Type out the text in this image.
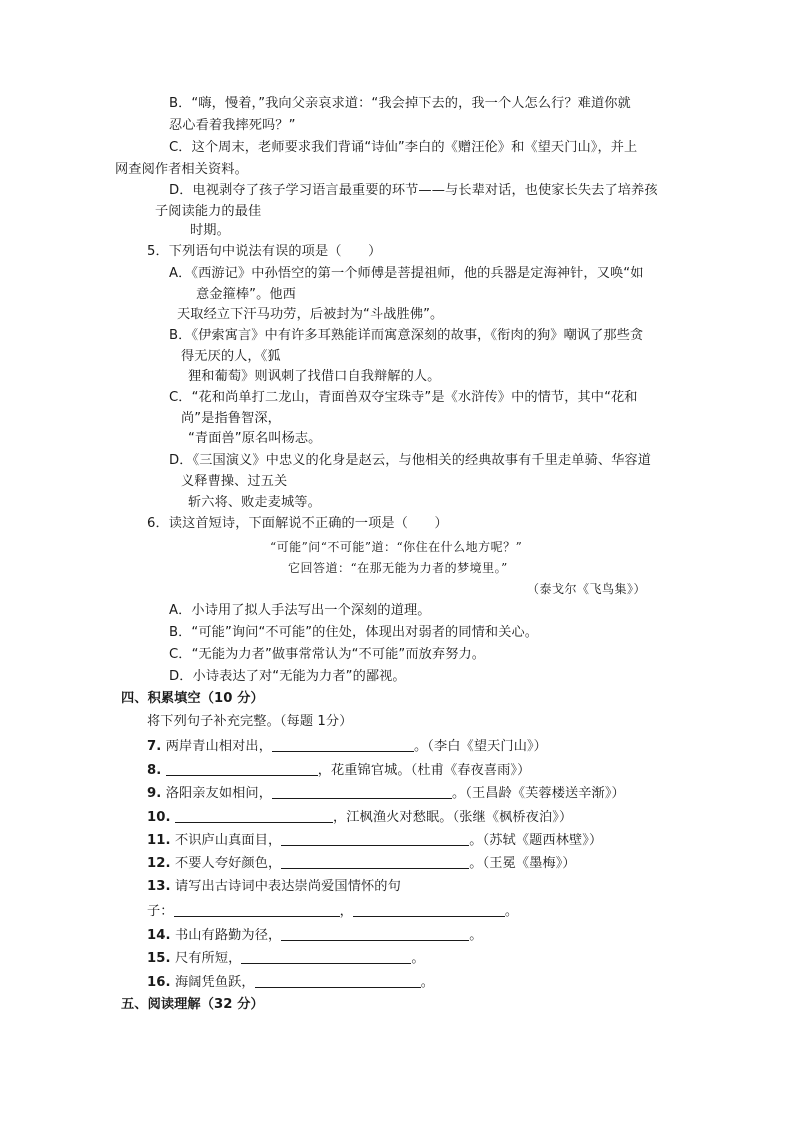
B．“嗨，慢着，”我向父亲哀求道：“我会掉下去的，我一个人怎么行？难道你就
忍心看着我摔死吗？”
C．这个周末，老师要求我们背诵“诗仙”李白的《赠汪伦》和《望天门山》，并上
网查阅作者相关资料。
D．电视剥夺了孩子学习语言最重要的环节——与长辈对话，也使家长失去了培养孩
子阅读能力的最佳
时期。
5．下列语句中说法有误的项是（　　）
A．《西游记》中孙悟空的第一个师傅是菩提祖师，他的兵器是定海神针，又唤“如
意金箍棒”。他西
天取经立下汗马功劳，后被封为“斗战胜佛”。
B．《伊索寓言》中有许多耳熟能详而寓意深刻的故事，《衔肉的狗》嘲讽了那些贪
得无厌的人，《狐
狸和葡萄》则讽刺了找借口自我辩解的人。
C．“花和尚单打二龙山，青面兽双夺宝珠寺”是《水浒传》中的情节，其中“花和
尚”是指鲁智深，
“青面兽”原名叫杨志。
D．《三国演义》中忠义的化身是赵云，与他相关的经典故事有千里走单骑、华容道
义释曹操、过五关
斩六将、败走麦城等。
6．读这首短诗，下面解说不正确的一项是（　　）
“可能”问“不可能”道：“你住在什么地方呢？”
它回答道：“在那无能为力者的梦境里。”
（泰戈尔《飞鸟集》）
A．小诗用了拟人手法写出一个深刻的道理。
B．“可能”询问“不可能”的住处，体现出对弱者的同情和关心。
C．“无能为力者”做事常常认为“不可能”而放弃努力。
D．小诗表达了对“无能为力者”的鄙视。
四、积累填空（10 分）
将下列句子补充完整。（每题 1分）
7. 两岸青山相对出，	。（李白《望天门山》）
8.	，花重锦官城。（杜甫《春夜喜雨》）
9. 洛阳亲友如相问，	。（王昌龄《芙蓉楼送辛渐》）
10.	，江枫渔火对愁眠。（张继《枫桥夜泊》）
11. 不识庐山真面目，	。（苏轼《题西林壁》）
12. 不要人夸好颜色，	。（王冕《墨梅》）
13. 请写出古诗词中表达崇尚爱国情怀的句
子：	，	。
14. 书山有路勤为径，	。
15. 尺有所短，	。
16. 海阔凭鱼跃，	。
五、阅读理解（32 分）
